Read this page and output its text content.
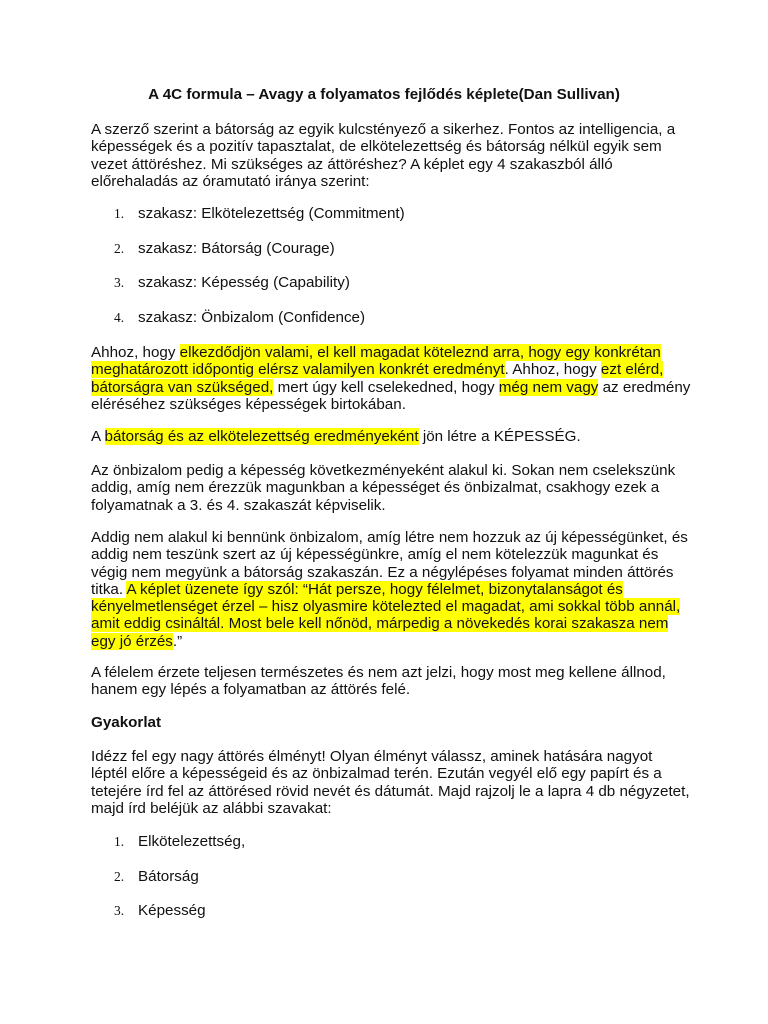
A 4C formula – Avagy a folyamatos fejlődés képlete(Dan Sullivan)

A szerző szerint a bátorság az egyik kulcstényező a sikerhez. Fontos az intelligencia, a képességek és a pozitív tapasztalat, de elkötelezettség és bátorság nélkül egyik sem vezet áttöréshez. Mi szükséges az áttöréshez? A képlet egy 4 szakaszból álló előrehaladás az óramutató iránya szerint:

1. szakasz: Elkötelezettség (Commitment)

2. szakasz: Bátorság (Courage)

3. szakasz: Képesség (Capability)

4. szakasz: Önbizalom (Confidence)

Ahhoz, hogy elkezdődjön valami, el kell magadat köteleznd arra, hogy egy konkrétan meghatározott időpontig elérsz valamilyen konkrét eredményt. Ahhoz, hogy ezt elérd, bátorságra van szükséged, mert úgy kell cselekedned, hogy még nem vagy az eredmény eléréséhez szükséges képességek birtokában.

A bátorság és az elkötelezettség eredményeként jön létre a KÉPESSÉG.

Az önbizalom pedig a képesség következményeként alakul ki. Sokan nem cselekszünk addig, amíg nem érezzük magunkban a képességet és önbizalmat, csakhogy ezek a folyamatnak a 3. és 4. szakaszát képviselik.

Addig nem alakul ki bennünk önbizalom, amíg létre nem hozzuk az új képességünket, és addig nem teszünk szert az új képességünkre, amíg el nem kötelezzük magunkat és végig nem megyünk a bátorság szakaszán. Ez a négylépéses folyamat minden áttörés titka. A képlet üzenete így szól: “Hát persze, hogy félelmet, bizonytalanságot és kényelmetlenséget érzel – hisz olyasmire kötelezted el magadat, ami sokkal több annál, amit eddig csináltál. Most bele kell nőnöd, márpedig a növekedés korai szakasza nem egy jó érzés.”

A félelem érzete teljesen természetes és nem azt jelzi, hogy most meg kellene állnod, hanem egy lépés a folyamatban az áttörés felé.

Gyakorlat

Idézz fel egy nagy áttörés élményt! Olyan élményt válassz, aminek hatására nagyot léptél előre a képességeid és az önbizalmad terén. Ezután vegyél elő egy papírt és a tetejére írd fel az áttörésed rövid nevét és dátumát. Majd rajzolj le a lapra 4 db négyzetet, majd írd beléjük az alábbi szavakat:

1. Elkötelezettség,

2. Bátorság

3. Képesség
